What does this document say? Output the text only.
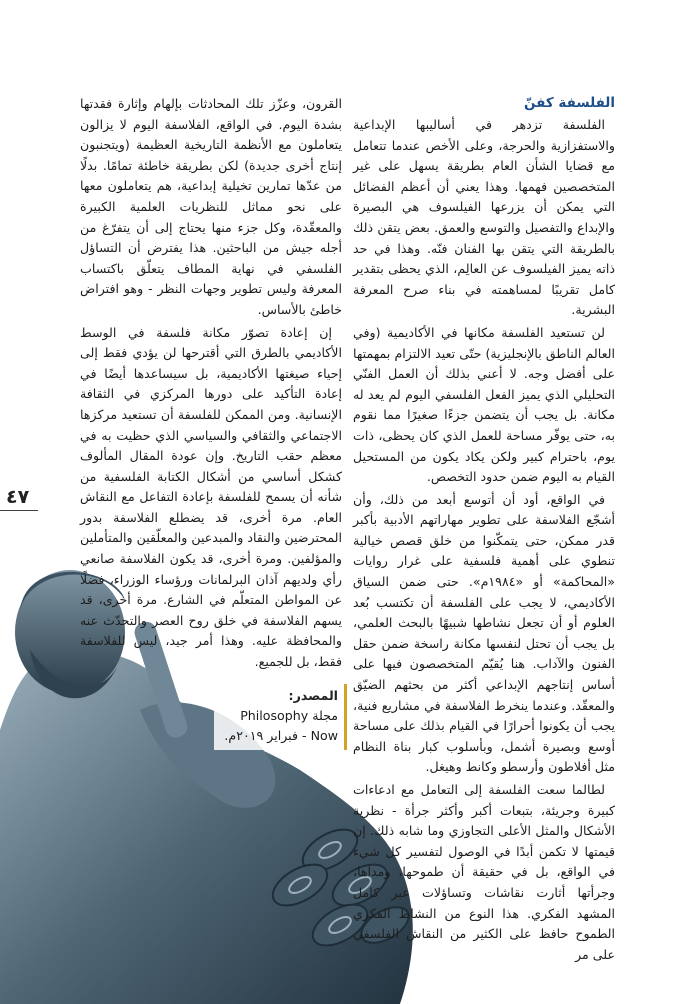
الفلسفة كفنّ

الفلسفة تزدهر في أساليبها الإبداعية والاستفزازية والحرجة، وعلى الأخص عندما تتعامل مع قضايا الشأن العام بطريقة يسهل على غير المتخصصين فهمها. وهذا يعني أن أعظم الفضائل التي يمكن أن يزرعها الفيلسوف هي البصيرة والإبداع والتفصيل والتوسع والعمق. بعض يتقن ذلك بالطريقة التي يتقن بها الفنان فنّه. وهذا في حد ذاته يميز الفيلسوف عن العالِم، الذي يحظى بتقدير كامل تقريبًا لمساهمته في بناء صرح المعرفة البشرية.

لن تستعيد الفلسفة مكانها في الأكاديمية (وفي العالم الناطق بالإنجليزية) حتّى تعيد الالتزام بمهمتها على أفضل وجه. لا أعني بذلك أن العمل الفنّي التحليلي الذي يميز الفعل الفلسفي اليوم لم يعد له مكانة. بل يجب أن يتضمن جزءًا صغيرًا مما نقوم به، حتى يوفّر مساحة للعمل الذي كان يحظى، ذات يوم، باحترام كبير ولكن يكاد يكون من المستحيل القيام به اليوم ضمن حدود التخصص.

في الواقع، أود أن أتوسع أبعد من ذلك، وأن أشجّع الفلاسفة على تطوير مهاراتهم الأدبية بأكبر قدر ممكن، حتى يتمكّنوا من خلق قصص خيالية تنطوي على أهمية فلسفية على غرار روايات «المحاكمة» أو «١٩٨٤م». حتى ضمن السياق الأكاديمي، لا يجب على الفلسفة أن تكتسب بُعد العلوم أو أن تجعل نشاطها شبيهًا بالبحث العلمي، بل يجب أن تحتل لنفسها مكانة راسخة ضمن حقل الفنون والآداب. هنا يُقيّم المتخصصون فيها على أساس إنتاجهم الإبداعي أكثر من بحثهم الضيّق والمعقّد. وعندما ينخرط الفلاسفة في مشاريع فنية، يجب أن يكونوا أحرارًا في القيام بذلك على مساحة أوسع وبصيرة أشمل، وبأسلوب كبار بناة النظام مثل أفلاطون وأرسطو وكانط وهيغل.

لطالما سعت الفلسفة إلى التعامل مع ادعاءات كبيرة وجريئة، بتبعات أكبر وأكثر جرأة - نظرية الأشكال والمثل الأعلى التجاوزي وما شابه ذلك. إن قيمتها لا تكمن أبدًا في الوصول لتفسير كل شيء في الواقع، بل في حقيقة أن طموحها، ومداها، وجرأتها أثارت نقاشات وتساؤلات عبر كامل المشهد الفكري. هذا النوع من النشاط الفكري الطموح حافظ على الكثير من النقاش الفلسفي على مر

القرون، وعزّز تلك المحادثات بإلهام وإثارة فقدتها بشدة اليوم. في الواقع، الفلاسفة اليوم لا يزالون يتعاملون مع الأنظمة التاريخية العظيمة (ويتجنبون إنتاج أخرى جديدة) لكن بطريقة خاطئة تمامًا. بدلًا من عدّها تمارين تخيلية إبداعية، هم يتعاملون معها على نحو مماثل للنظريات العلمية الكبيرة والمعقّدة، وكل جزء منها يحتاج إلى أن يتفرّغ من أجله جيش من الباحثين. هذا يفترض أن التساؤل الفلسفي في نهاية المطاف يتعلّق باكتساب المعرفة وليس تطوير وجهات النظر - وهو افتراض خاطئ بالأساس.

إن إعادة تصوّر مكانة فلسفة في الوسط الأكاديمي بالطرق التي أقترحها لن يؤدي فقط إلى إحياء صيغتها الأكاديمية، بل سيساعدها أيضًا في إعادة التأكيد على دورها المركزي في الثقافة الإنسانية. ومن الممكن للفلسفة أن تستعيد مركزها الاجتماعي والثقافي والسياسي الذي حظيت به في معظم حقب التاريخ. وإن عودة المقال المألوف كشكل أساسي من أشكال الكتابة الفلسفية من شأنه أن يسمح للفلسفة بإعادة التفاعل مع النقاش العام. مرة أخرى، قد يضطلع الفلاسفة بدور المحترضين والنقاد والمبدعين والمعلّقين والمتأملين والمؤلفين. ومرة أخرى، قد يكون الفلاسفة صانعي رأي ولديهم آذان البرلمانات ورؤساء الوزراء، فضلًا عن المواطن المتعلّم في الشارع. مرة أخرى، قد يسهم الفلاسفة في خلق روح العصر والتحدّث عنه والمحافظة عليه. وهذا أمر جيد، ليس للفلاسفة فقط، بل للجميع.

المصدر:
مجلة Philosophy Now - فبراير ٢٠١٩م.
٤٧
